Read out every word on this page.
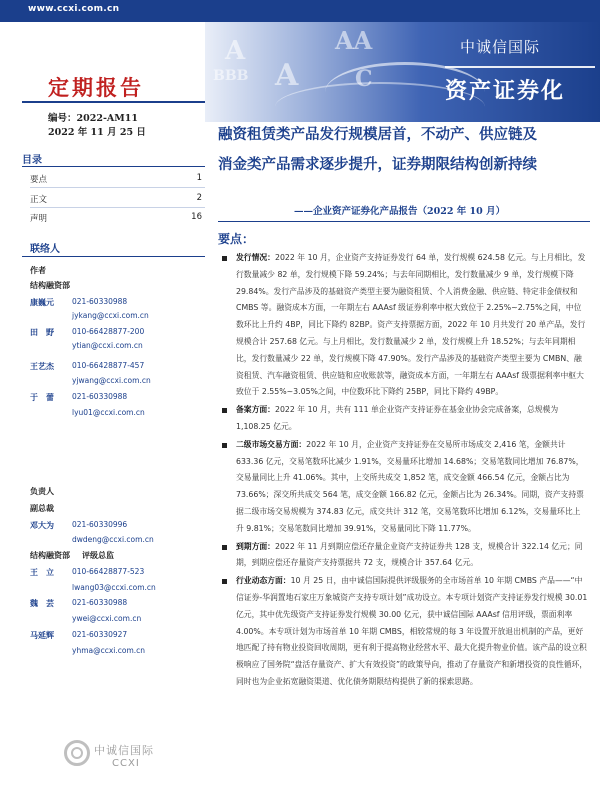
www.ccxi.com.cn
A
BBB
AA
A	C
中诚信国际
资产证券化
定期报告
编号：2022-AM11
2022 年 11 月 25 日
目录
要点	1
正文	2
声明	16
联络人
作者
结构融资部
康巍元 021-60330988
jykang@ccxi.com.cn
田　野 010-66428877-200
ytian@ccxi.com.cn
王艺杰 010-66428877-457
yjwang@ccxi.com.cn
于　蕾 021-60330988
lyu01@ccxi.com.cn
负责人
副总裁
邓大为 021-60330996
dwdeng@ccxi.com.cn
结构融资部 评级总监
王　立 010-66428877-523
lwang03@ccxi.com.cn
魏　芸 021-60330988
ywei@ccxi.com.cn
马延辉 021-60330927
yhma@ccxi.com.cn
中诚信国际
CCXI
融资租赁类产品发行规模居首，不动产、供应链及
消金类产品需求逐步提升，证券期限结构创新持续
——企业资产证券化产品报告（2022 年 10 月）
要点：
发行情况：2022 年 10 月，企业资产支持证券发行 64 单，发行规模 624.58 亿元。与上月相比，发行数量减少 82 单，发行规模下降 59.24%；与去年同期相比，发行数量减少 9 单，发行规模下降 29.84%。发行产品涉及的基础资产类型主要为融资租赁、个人消费金融、供应链、特定非金债权和 CMBS 等。融资成本方面，一年期左右 AAAsf 级证券利率中枢大致位于 2.25%~2.75%之间，中位数环比上升约 4BP，同比下降约 82BP。资产支持票据方面，2022 年 10 月共发行 20 单产品，发行规模合计 257.68 亿元。与上月相比，发行数量减少 2 单，发行规模上升 18.52%；与去年同期相比，发行数量减少 22 单，发行规模下降 47.90%。发行产品涉及的基础资产类型主要为 CMBN、融资租赁、汽车融资租赁、供应链和应收账款等，融资成本方面，一年期左右 AAAsf 级票据利率中枢大致位于 2.55%~3.05%之间，中位数环比下降约 25BP，同比下降约 49BP。
备案方面：2022 年 10 月，共有 111 单企业资产支持证券在基金业协会完成备案，总规模为 1,108.25 亿元。
二级市场交易方面：2022 年 10 月，企业资产支持证券在交易所市场成交 2,416 笔，金额共计 633.36 亿元，交易笔数环比减少 1.91%，交易量环比增加 14.68%；交易笔数同比增加 76.87%，交易量同比上升 41.06%。其中，上交所共成交 1,852 笔，成交金额 466.54 亿元，金额占比为 73.66%；深交所共成交 564 笔，成交金额 166.82 亿元，金额占比为 26.34%。同期，资产支持票据二级市场交易规模为 374.83 亿元，成交共计 312 笔，交易笔数环比增加 6.12%，交易量环比上升 9.81%；交易笔数同比增加 39.91%，交易量同比下降 11.77%。
到期方面：2022 年 11 月到期应偿还存量企业资产支持证券共 128 支，规模合计 322.14 亿元；同期，到期应偿还存量资产支持票据共 72 支，规模合计 357.64 亿元。
行业动态方面：10 月 25 日，由中诚信国际提供评级服务的全市场首单 10 年期 CMBS 产品——“中信证券-华润置地石家庄万象城资产支持专项计划”成功设立。本专项计划资产支持证券发行规模 30.01 亿元，其中优先级资产支持证券发行规模 30.00 亿元，获中诚信国际 AAAsf 信用评级，票面利率 4.00%。本专项计划为市场首单 10 年期 CMBS，相较常规的每 3 年设置开放退出机制的产品，更好地匹配了持有物业投资回收周期，更有利于提高物业经营水平、最大化提升物业价值。该产品的设立积极响应了国务院“盘活存量资产、扩大有效投资”的政策导向，推动了存量资产和新增投资的良性循环，同时也为企业拓宽融资渠道、优化债务期限结构提供了新的探索思路。
